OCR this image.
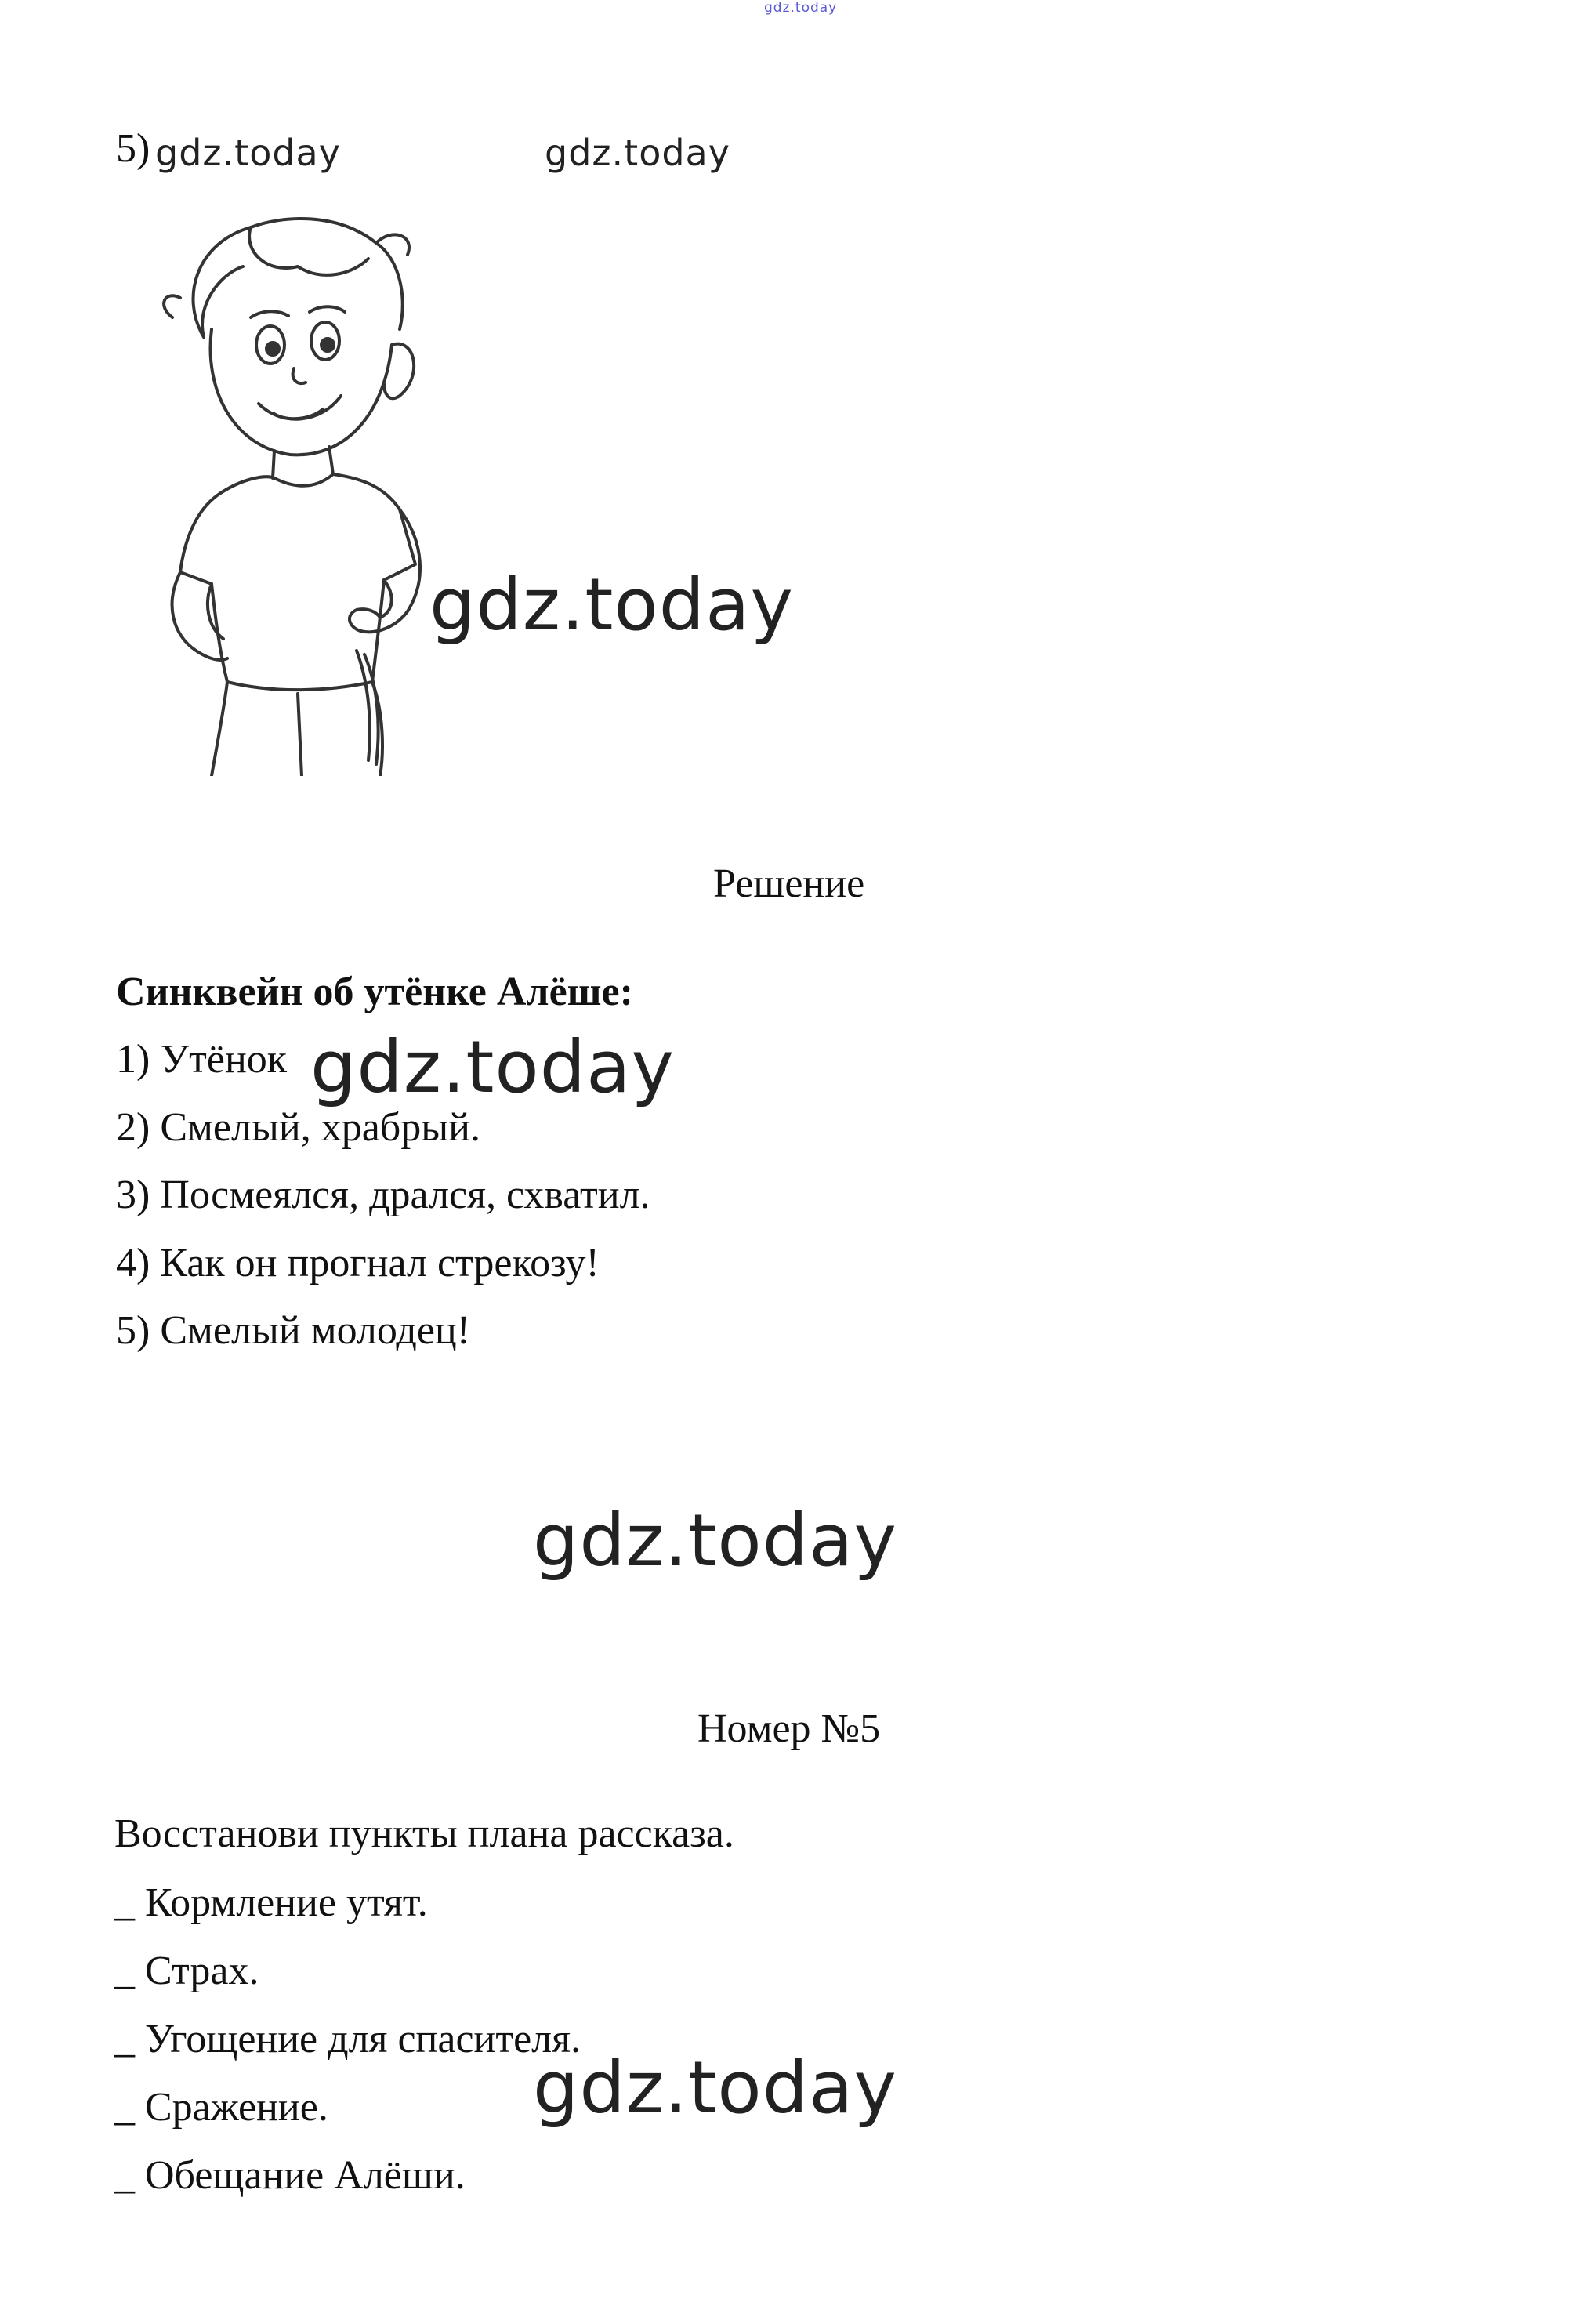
gdz.today
5) gdz.today	gdz.today
gdz.today
Решение
Синквейн об утёнке Алёше:
1) Утёнок gdz.today
2) Смелый, храбрый.
3) Посмеялся, дрался, схватил.
4) Как он прогнал стрекозу!
5) Смелый молодец!
gdz.today
Номер №5
Восстанови пункты плана рассказа.
_ Кормление утят.
_ Страх.
_ Угощение для спасителя.
_ Сражение.
_ Обещание Алёши.
gdz.today
